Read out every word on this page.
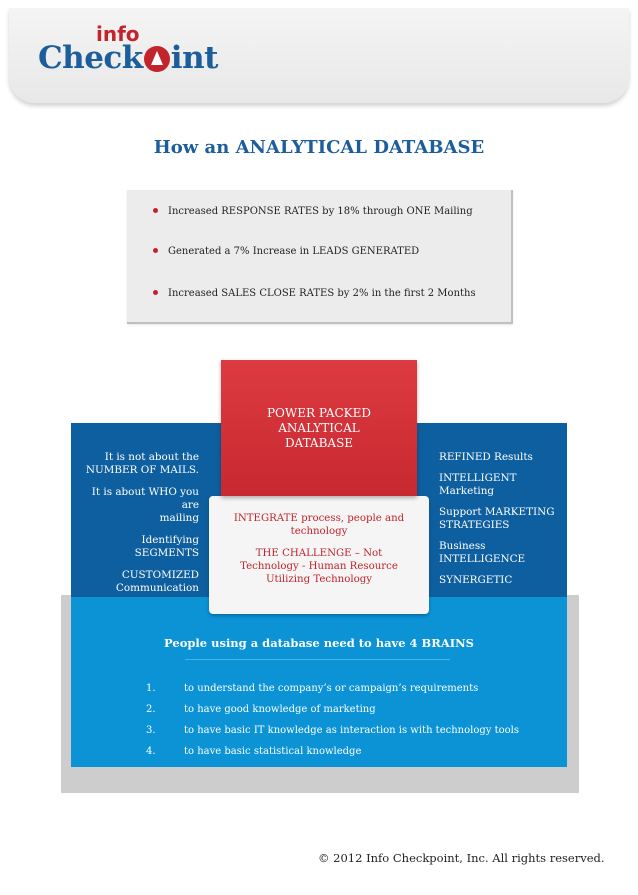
info
Check int
How an ANALYTICAL DATABASE
Increased RESPONSE RATES by 18% through ONE Mailing
Generated a 7% Increase in LEADS GENERATED
Increased SALES CLOSE RATES by 2% in the first 2 Months

It is not about the
NUMBER OF MAILS.

It is about WHO you are
mailing

Identifying SEGMENTS

CUSTOMIZED
Communication

REFINED Results

INTELLIGENT Marketing

Support MARKETING
STRATEGIES

Business INTELLIGENCE

SYNERGETIC

INTEGRATE process, people and
technology
THE CHALLENGE – Not
Technology - Human Resource
Utilizing Technology
POWER PACKED
ANALYTICAL
DATABASE
People using a database need to have 4 BRAINS
1.	to understand the company’s or campaign’s requirements
2.	to have good knowledge of marketing
3.	to have basic IT knowledge as interaction is with technology tools
4.	to have basic statistical knowledge
© 2012 Info Checkpoint, Inc. All rights reserved.
